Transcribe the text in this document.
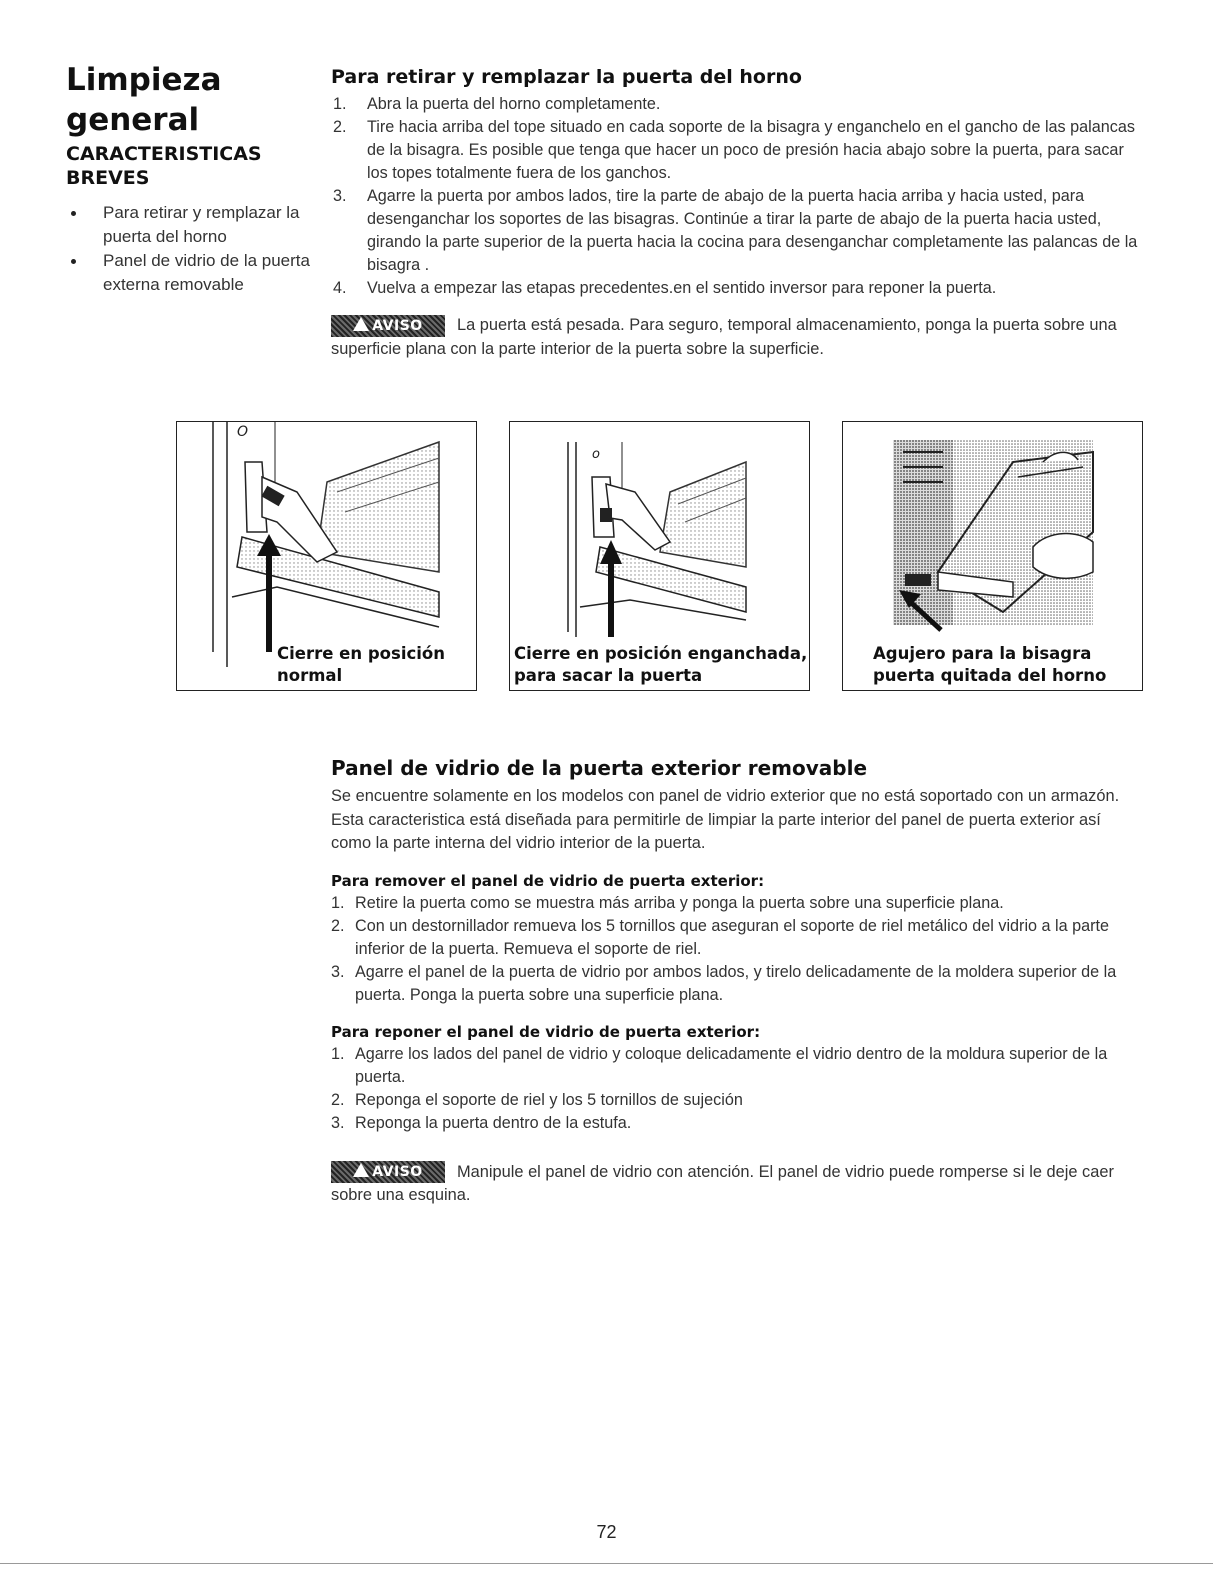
Limpieza general
CARACTERISTICAS BREVES
Para retirar y remplazar la puerta del horno
Panel de vidrio de la puerta externa removable
Para retirar y remplazar la puerta del horno
1. Abra la puerta del horno completamente.
2. Tire hacia arriba del tope situado en cada soporte de la bisagra y enganchelo en el gancho de las palancas de la bisagra. Es posible que tenga que hacer un poco de presión hacia abajo sobre la puerta, para sacar los topes totalmente fuera de los ganchos.
3. Agarre la puerta por ambos lados, tire la parte de abajo de la puerta hacia arriba y hacia usted, para desenganchar los soportes de las bisagras. Continúe a tirar la parte de abajo de la puerta hacia usted, girando la parte superior de la puerta hacia la cocina para desenganchar completamente las palancas de la bisagra .
4. Vuelva a empezar las etapas precedentes.en el sentido inversor para reponer la puerta.

AVISO La puerta está pesada. Para seguro, temporal almacenamiento, ponga la puerta sobre una superficie plana con la parte interior de la puerta sobre la superficie.

O
Cierre en posición
normal
o
Cierre en posición enganchada,
para sacar la puerta
Agujero para la bisagra
puerta quitada del horno
Panel de vidrio de la puerta exterior removable

Se encuentre solamente en los modelos con panel de vidrio exterior que no está soportado con un armazón. Esta caracteristica está diseñada para permitirle de limpiar la parte interior del panel de puerta exterior así como la parte interna del vidrio interior de la puerta.

Para remover el panel de vidrio de puerta exterior:
1. Retire la puerta como se muestra más arriba y ponga la puerta sobre una superficie plana.
2. Con un destornillador remueva los 5 tornillos que aseguran el soporte de riel metálico del vidrio a la parte inferior de la puerta. Remueva el soporte de riel.
3. Agarre el panel de la puerta de vidrio por ambos lados, y tirelo delicadamente de la moldera superior de la puerta. Ponga la puerta sobre una superficie plana.
Para reponer el panel de vidrio de puerta exterior:
1. Agarre los lados del panel de vidrio y coloque delicadamente el vidrio dentro de la moldura superior de la puerta.
2. Reponga el soporte de riel y los 5 tornillos de sujeción
3. Reponga la puerta dentro de la estufa.

AVISO Manipule el panel de vidrio con atención. El panel de vidrio puede romperse si le deje caer sobre una esquina.

72
